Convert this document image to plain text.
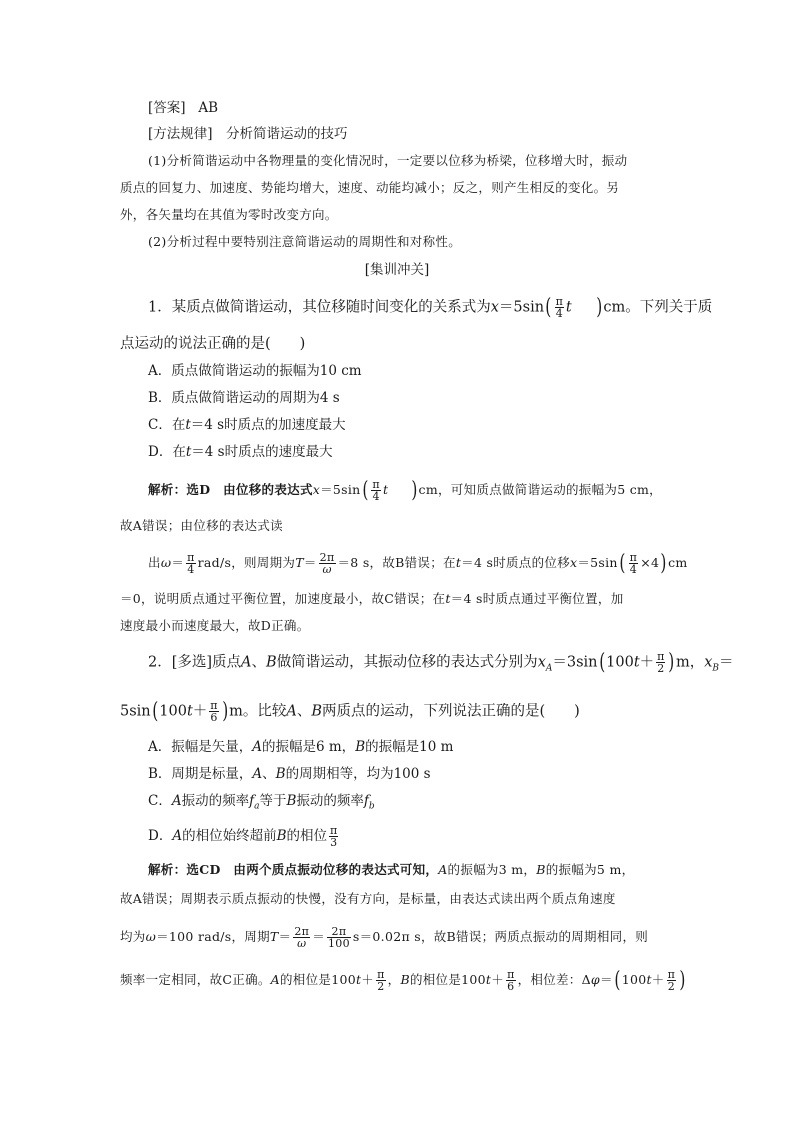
[答案] AB
[方法规律]　分析简谐运动的技巧
(1)分析简谐运动中各物理量的变化情况时，一定要以位移为桥梁，位移增大时，振动
质点的回复力、加速度、势能均增大，速度、动能均减小；反之，则产生相反的变化。另
外，各矢量均在其值为零时改变方向。
(2)分析过程中要特别注意简谐运动的周期性和对称性。
[集训冲关]
1．某质点做简谐运动，其位移随时间变化的关系式为$x=5\sin( \frac{\pi}{4}$ t )cm。下列关于质
点运动的说法正确的是(　　)
A．质点做简谐运动的振幅为10 cm
B．质点做简谐运动的周期为4 s
C．在t＝4 s时质点的加速度最大
D．在t＝4 s时质点的速度最大
解析：选D　由位移的表达式$x=5\sin( \frac{\pi}{4}$ t )cm，可知质点做简谐运动的振幅为5 cm，
故A错误；由位移的表达式读
出$\omega= \frac{\pi}{4} rad/s$，则周期为$T= \frac{2\pi}{\omega} =8$ s，故B错误；在t＝4 s时质点的位移$x=5\sin( \frac{\pi}{4} \times 4)cm$
＝0，说明质点通过平衡位置，加速度最小，故C错误；在t＝4 s时质点通过平衡位置，加
速度最小而速度最大，故D正确。
2．[多选]质点A、B做简谐运动，其振动位移的表达式分别为$x_A=3\sin(100t+ \frac{\pi}{2} )m$，$x_B=$
$5\sin(100t+ \frac{\pi}{6} )m$。比较A、B两质点的运动，下列说法正确的是(　　)
A．振幅是矢量，A的振幅是6 m，B的振幅是10 m
B．周期是标量，A、B的周期相等，均为100 s
C．A振动的频率$f_a$等于B振动的频率$f_b$
D．A的相位始终超前B的相位 $\frac{\pi}{3}$
解析：选CD　由两个质点振动位移的表达式可知，A的振幅为3 m，B的振幅为5 m，
故A错误；周期表示质点振动的快慢，没有方向，是标量，由表达式读出两个质点角速度
均为ω＝100 rad/s，周期$T= \frac{2\pi}{\omega} = \frac{2\pi}{100} s=0.02\pi$ s，故B错误；两质点振动的周期相同，则
频率一定相同，故C正确。A的相位是$100t+ \frac{\pi}{2}$ ，B的相位是$100t+ \frac{\pi}{6}$ ，相位差：$\Delta\varphi=(100t+ \frac{\pi}{2}$ )
